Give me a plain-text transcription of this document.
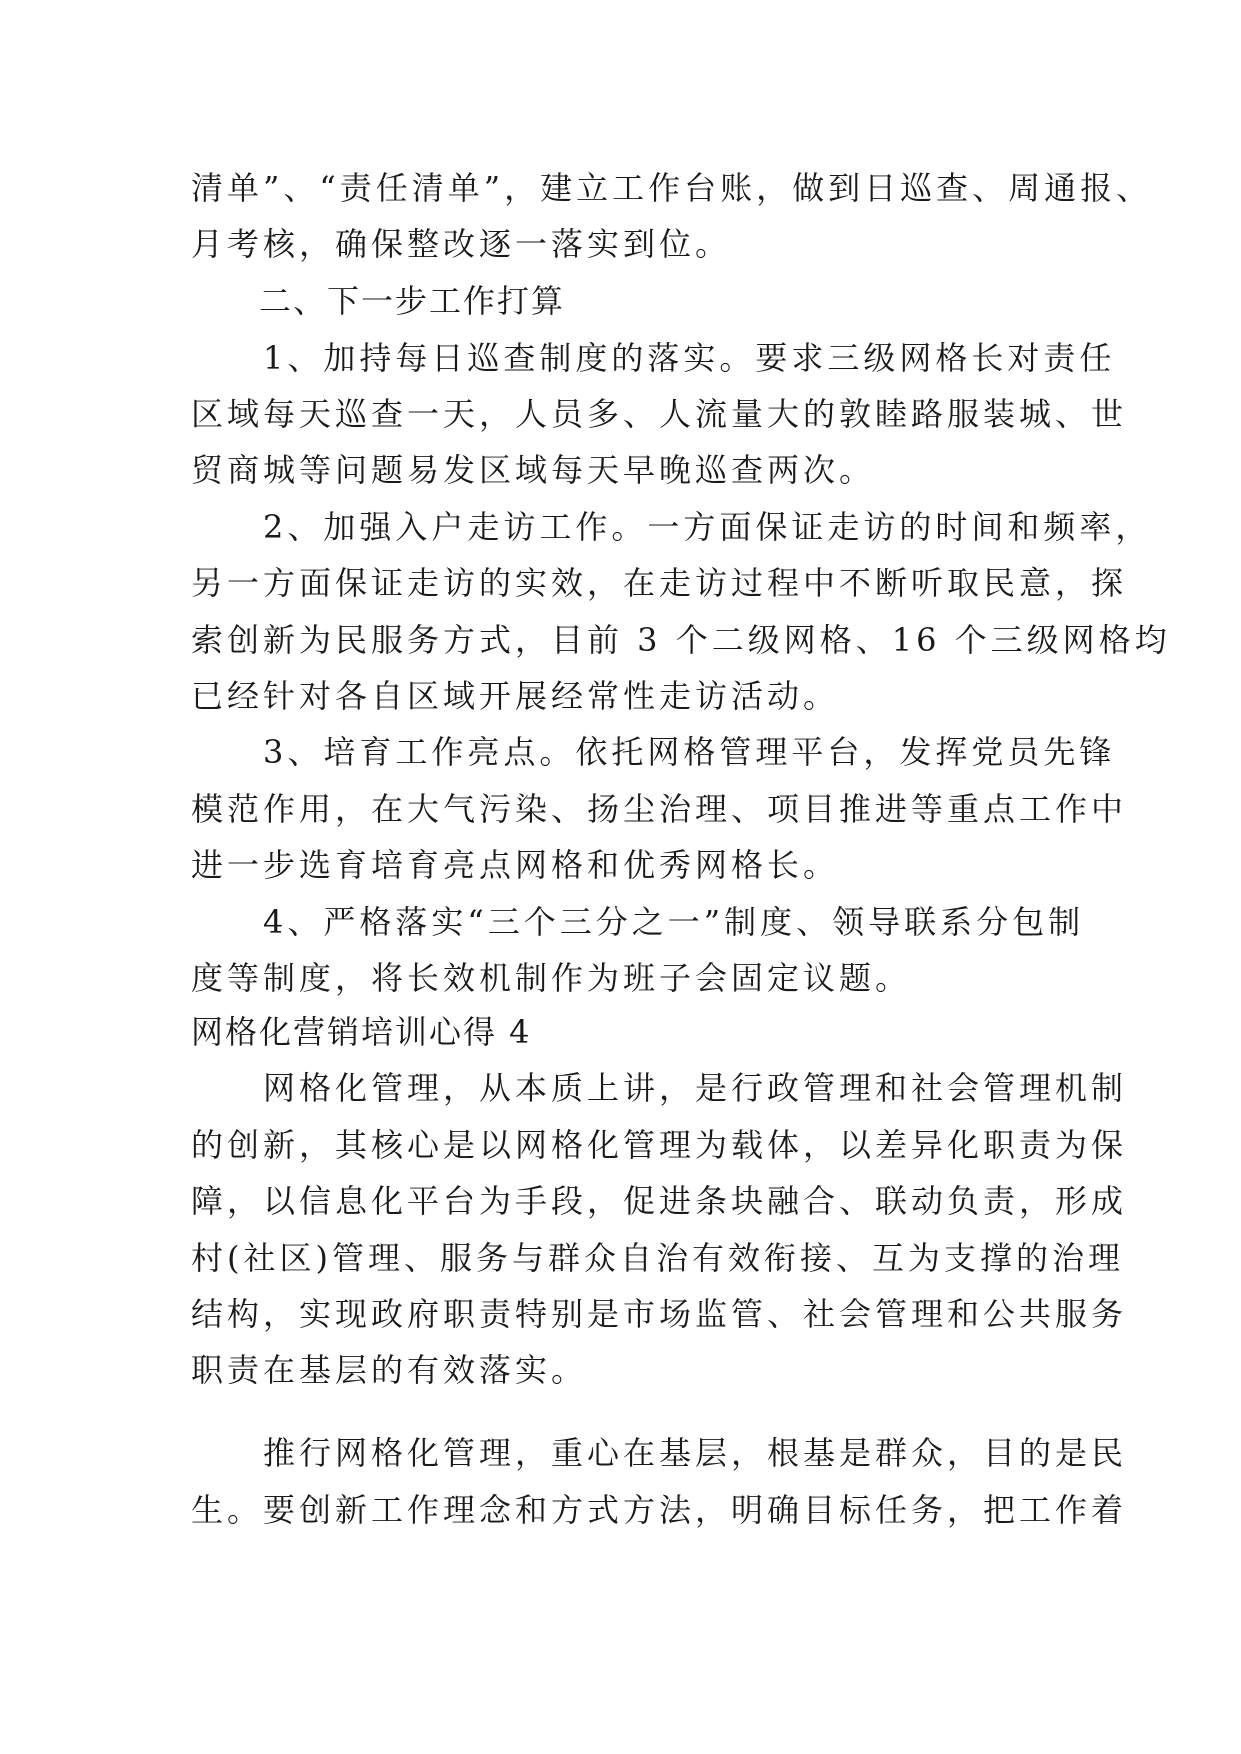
清单”、“责任清单”，建立工作台账，做到日巡查、周通报、
月考核，确保整改逐一落实到位。
　　二、下一步工作打算
　　1、加持每日巡查制度的落实。要求三级网格长对责任
区域每天巡查一天，人员多、人流量大的敦睦路服装城、世
贸商城等问题易发区域每天早晚巡查两次。
　　2、加强入户走访工作。一方面保证走访的时间和频率，
另一方面保证走访的实效，在走访过程中不断听取民意，探
索创新为民服务方式，目前 3 个二级网格、16 个三级网格均
已经针对各自区域开展经常性走访活动。
　　3、培育工作亮点。依托网格管理平台，发挥党员先锋
模范作用，在大气污染、扬尘治理、项目推进等重点工作中
进一步选育培育亮点网格和优秀网格长。
　　4、严格落实“三个三分之一”制度、领导联系分包制
度等制度，将长效机制作为班子会固定议题。
网格化营销培训心得 4
　　网格化管理，从本质上讲，是行政管理和社会管理机制
的创新，其核心是以网格化管理为载体，以差异化职责为保
障，以信息化平台为手段，促进条块融合、联动负责，形成
村(社区)管理、服务与群众自治有效衔接、互为支撑的治理
结构，实现政府职责特别是市场监管、社会管理和公共服务
职责在基层的有效落实。
　　推行网格化管理，重心在基层，根基是群众，目的是民
生。要创新工作理念和方式方法，明确目标任务，把工作着
